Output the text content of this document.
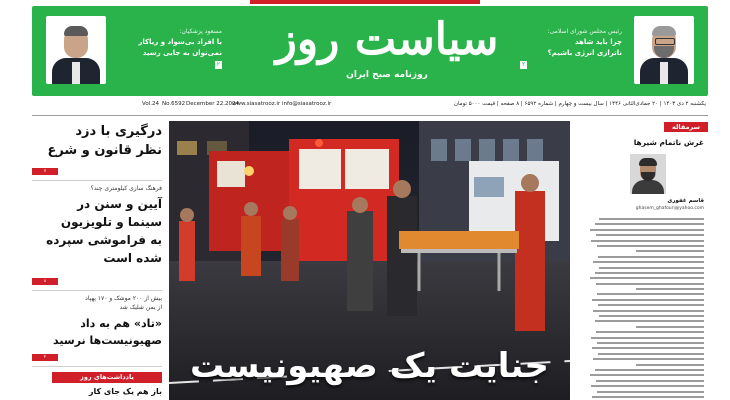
مسعود پزشکیان:
با افراد بی‌سواد و ریاکار
نمی‌توان به جایی رسید
۲	سیاست روز
روزنامه صبح ایران
رئیس مجلس شورای اسلامی:
چرا باید شاهد
ناترازی انرژی باشیم؟
۲
Vol.24 No.6592 December 22.2024
www.siasatrooz.ir info@siasatrooz.ir	یکشنبه ۲ دی ۱۴۰۳ | ۲۰ جمادی‌الثانی ۱۴۴۶ | سال بیست و چهارم | شماره ۶۵۹۲ | ۸ صفحه | قیمت ۵۰۰۰ تومان
درگیری با دزد
نظر قانون و شرع
۷
فرهنگ سازی کیلومتری چند؟
آیین و سنن در
سینما و تلویزیون
به فراموشی سپرده
شده است
۸
بیش از ۲۰۰ موشک و ۱۷۰ پهپاد
از یمن شلیک شد
«تاد» هم به داد
صهیونیست‌ها نرسید
۲
یادداشت‌های روز
باز هم یک جای کار
جنایت یک صهیونیست
سرمقاله
غرش ناتمام شیرها
قاسم غفوری
ghasem_ghafouri@yahoo.com
